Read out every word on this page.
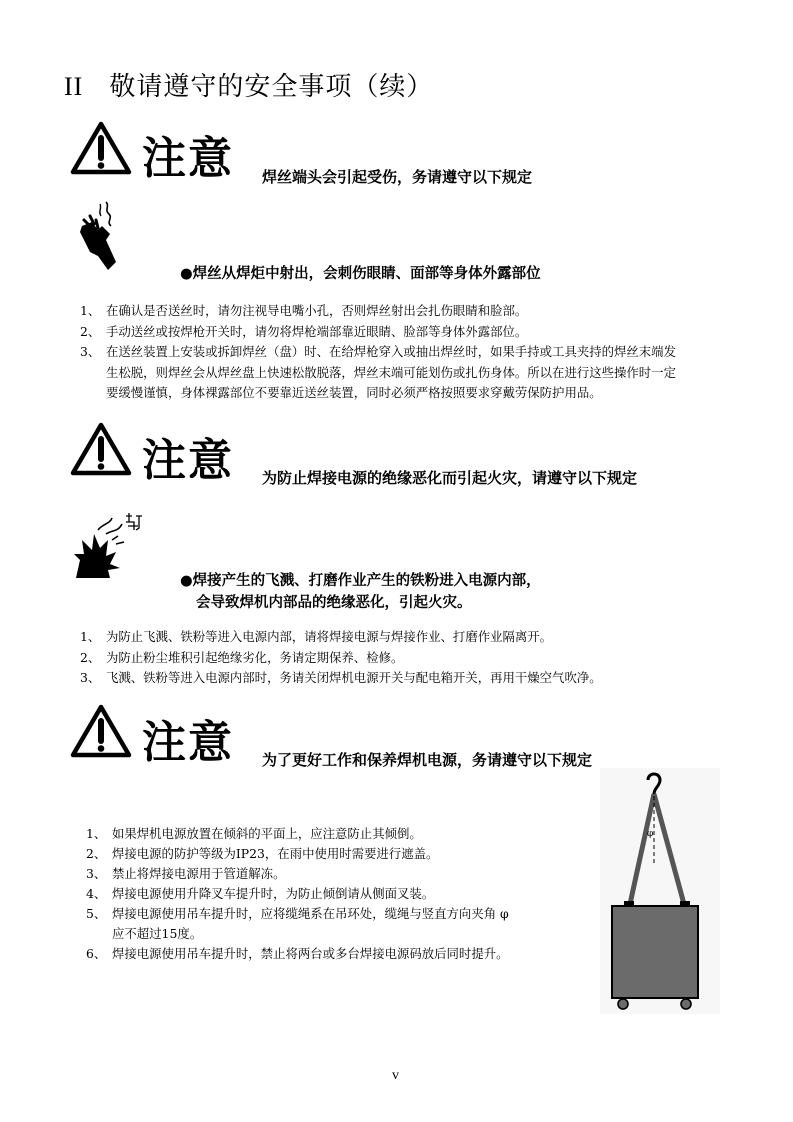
II 敬请遵守的安全事项（续）
注意 焊丝端头会引起受伤，务请遵守以下规定
●焊丝从焊炬中射出，会刺伤眼睛、面部等身体外露部位
1、 在确认是否送丝时，请勿注视导电嘴小孔，否则焊丝射出会扎伤眼睛和脸部。
2、 手动送丝或按焊枪开关时，请勿将焊枪端部靠近眼睛、脸部等身体外露部位。
3、 在送丝装置上安装或拆卸焊丝（盘）时、在给焊枪穿入或抽出焊丝时，如果手持或工具夹持的焊丝末端发
生松脱，则焊丝会从焊丝盘上快速松散脱落，焊丝末端可能划伤或扎伤身体。所以在进行这些操作时一定
要缓慢谨慎，身体裸露部位不要靠近送丝装置，同时必须严格按照要求穿戴劳保防护用品。
注意 为防止焊接电源的绝缘恶化而引起火灾，请遵守以下规定
●焊接产生的飞溅、打磨作业产生的铁粉进入电源内部，
会导致焊机内部品的绝缘恶化，引起火灾。
1、 为防止飞溅、铁粉等进入电源内部，请将焊接电源与焊接作业、打磨作业隔离开。
2、 为防止粉尘堆积引起绝缘劣化，务请定期保养、检修。
3、 飞溅、铁粉等进入电源内部时，务请关闭焊机电源开关与配电箱开关，再用干燥空气吹净。
注意 为了更好工作和保养焊机电源，务请遵守以下规定
1、 如果焊机电源放置在倾斜的平面上，应注意防止其倾倒。
2、 焊接电源的防护等级为IP23，在雨中使用时需要进行遮盖。
3、 禁止将焊接电源用于管道解冻。
4、 焊接电源使用升降叉车提升时，为防止倾倒请从侧面叉装。
5、 焊接电源使用吊车提升时，应将缆绳系在吊环处，缆绳与竖直方向夹角 φ
应不超过15度。
6、 焊接电源使用吊车提升时，禁止将两台或多台焊接电源码放后同时提升。
φ
v
